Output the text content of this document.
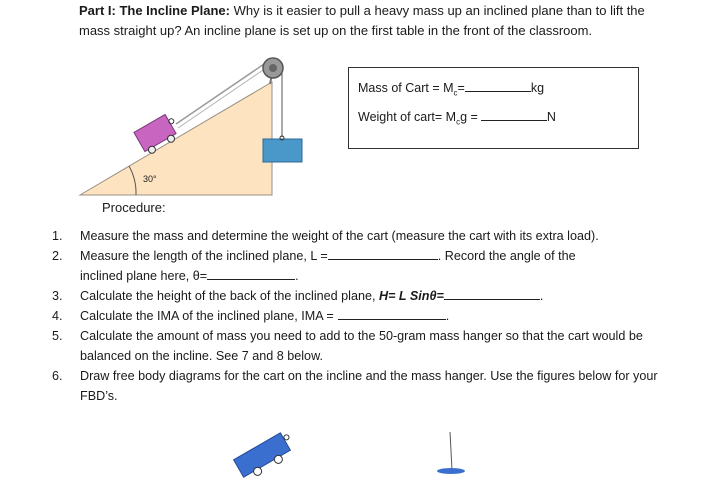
Part I: The Incline Plane: Why is it easier to pull a heavy mass up an inclined plane than to lift the mass straight up? An incline plane is set up on the first table in the front of the classroom.
30°
Mass of Cart = $M_c=$	kg
Weight of cart= $M_cg$ =	N
Procedure:
1. Measure the mass and determine the weight of the cart (measure the cart with its extra load).
2. Measure the length of the inclined plane, L =	. Record the angle of the
inclined plane here, θ=	.
3. Calculate the height of the back of the inclined plane, H= L Sinθ=	.
4. Calculate the IMA of the inclined plane, IMA =	.
5. Calculate the amount of mass you need to add to the 50-gram mass hanger so that the cart would be balanced on the incline. See 7 and 8 below.
6. Draw free body diagrams for the cart on the incline and the mass hanger. Use the figures below for your FBD’s.
